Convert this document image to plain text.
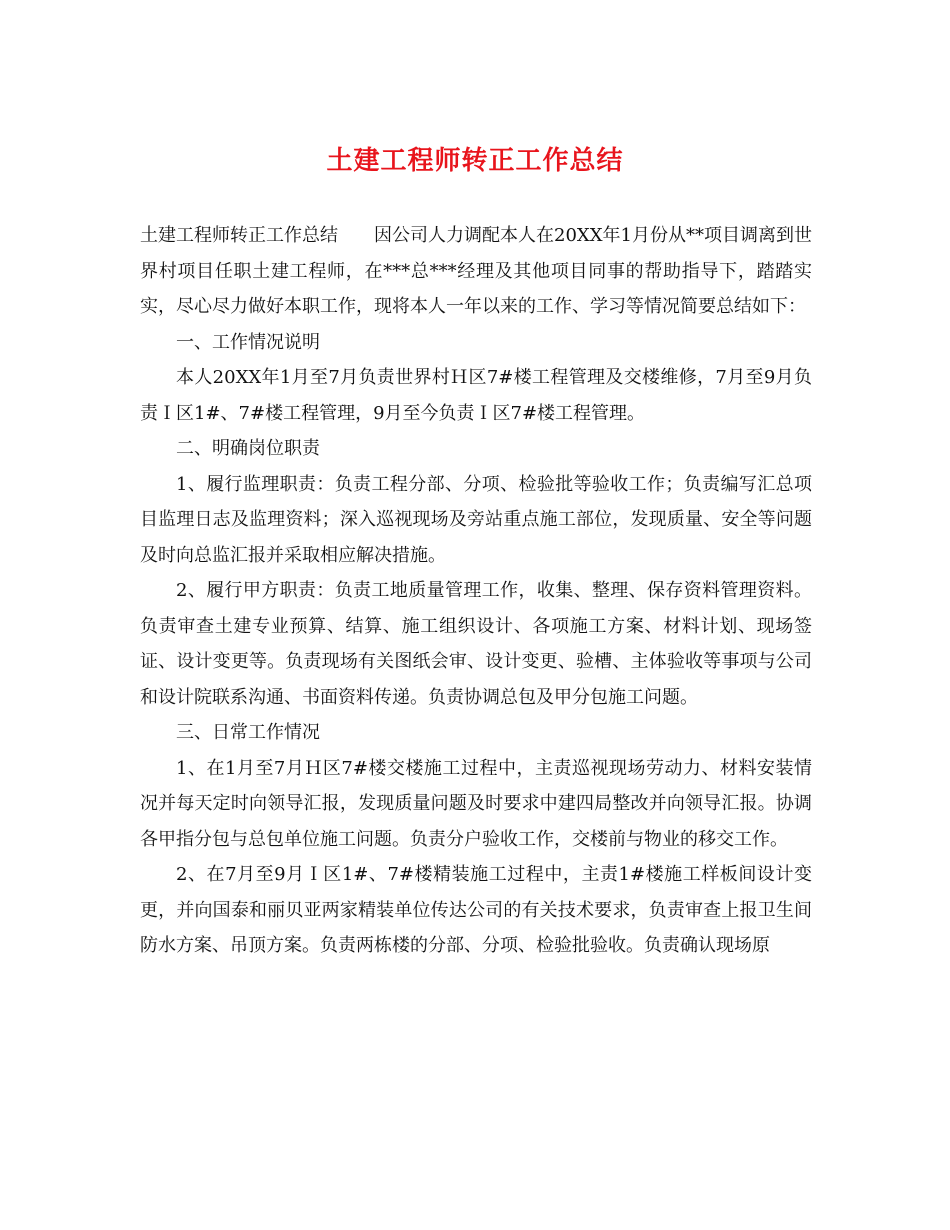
土建工程师转正工作总结

土建工程师转正工作总结 因公司人力调配本人在20XX年1月份从**项目调离到世界村项目任职土建工程师，在***总***经理及其他项目同事的帮助指导下，踏踏实实，尽心尽力做好本职工作，现将本人一年以来的工作、学习等情况简要总结如下：

一、工作情况说明

本人20XX年1月至7月负责世界村Ｈ区7#楼工程管理及交楼维修，7月至9月负责Ｉ区1#、7#楼工程管理，9月至今负责Ｉ区7#楼工程管理。

二、明确岗位职责

1、履行监理职责：负责工程分部、分项、检验批等验收工作；负责编写汇总项目监理日志及监理资料；深入巡视现场及旁站重点施工部位，发现质量、安全等问题及时向总监汇报并采取相应解决措施。

2、履行甲方职责：负责工地质量管理工作，收集、整理、保存资料管理资料。负责审查土建专业预算、结算、施工组织设计、各项施工方案、材料计划、现场签证、设计变更等。负责现场有关图纸会审、设计变更、验槽、主体验收等事项与公司和设计院联系沟通、书面资料传递。负责协调总包及甲分包施工问题。

三、日常工作情况

1、在1月至7月Ｈ区7#楼交楼施工过程中，主责巡视现场劳动力、材料安装情况并每天定时向领导汇报，发现质量问题及时要求中建四局整改并向领导汇报。协调各甲指分包与总包单位施工问题。负责分户验收工作，交楼前与物业的移交工作。

2、在7月至9月Ｉ区1#、7#楼精装施工过程中，主责1#楼施工样板间设计变更，并向国泰和丽贝亚两家精装单位传达公司的有关技术要求，负责审查上报卫生间防水方案、吊顶方案。负责两栋楼的分部、分项、检验批验收。负责确认现场原
